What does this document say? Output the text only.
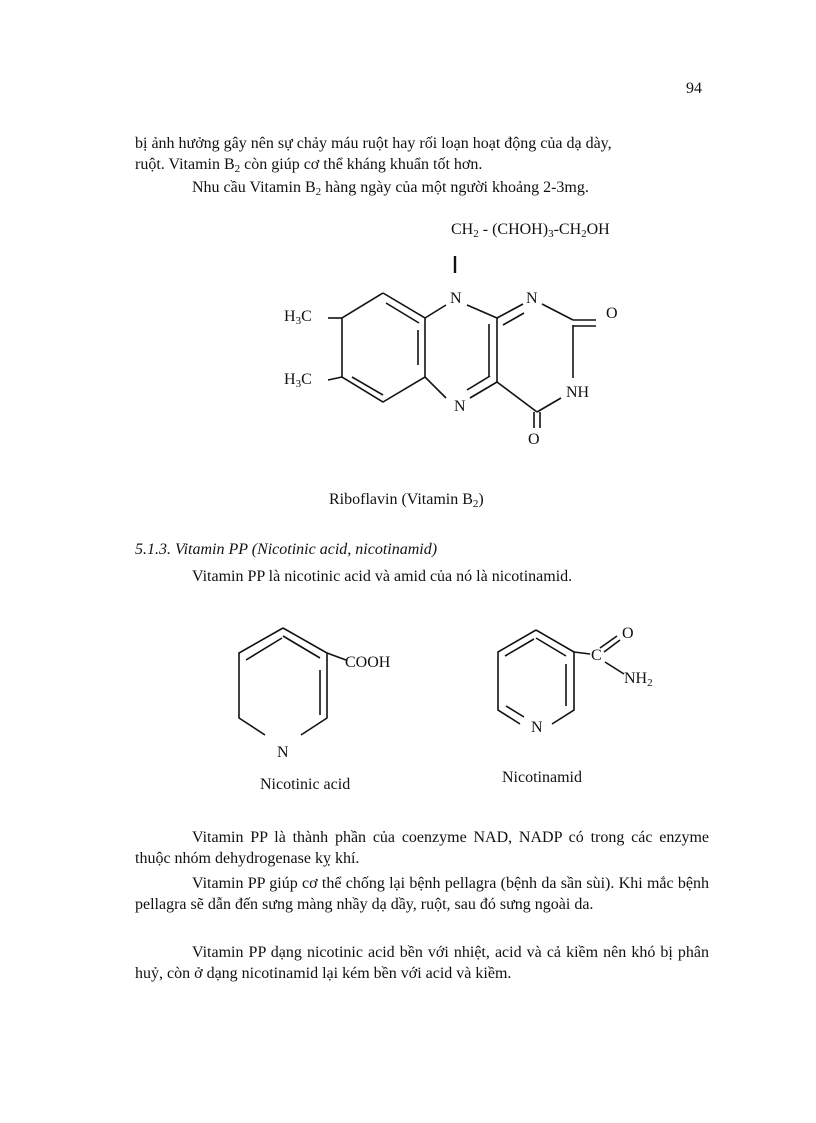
94
bị ảnh hưởng gây nên sự chảy máu ruột hay rối loạn hoạt động của dạ dày,
ruột. Vitamin $B_2$ còn giúp cơ thể kháng khuẩn tốt hơn.
Nhu cầu Vitamin $B_2$ hàng ngày của một người khoảng 2-3mg.
$CH_2$ - $(CHOH)_3-CH_2OH$
$H_3C$
$H_3C$
N	N
N
O
NH
O
Riboflavin (Vitamin $B_2$)
5.1.3. Vitamin PP (Nicotinic acid, nicotinamid)
Vitamin PP là nicotinic acid và amid của nó là nicotinamid.
COOH
N
Nicotinic acid
O
C
$NH_2$
N
Nicotinamid
Vitamin PP là thành phần của coenzyme NAD, NADP có trong các enzyme thuộc nhóm dehydrogenase kỵ khí.
Vitamin PP giúp cơ thể chống lại bệnh pellagra (bệnh da sần sùi). Khi mắc bệnh pellagra sẽ dẫn đến sưng màng nhầy dạ dầy, ruột, sau đó sưng ngoài da.
Vitamin PP dạng nicotinic acid bền với nhiệt, acid và cả kiềm nên khó bị phân huỷ, còn ở dạng nicotinamid lại kém bền với acid và kiềm.
